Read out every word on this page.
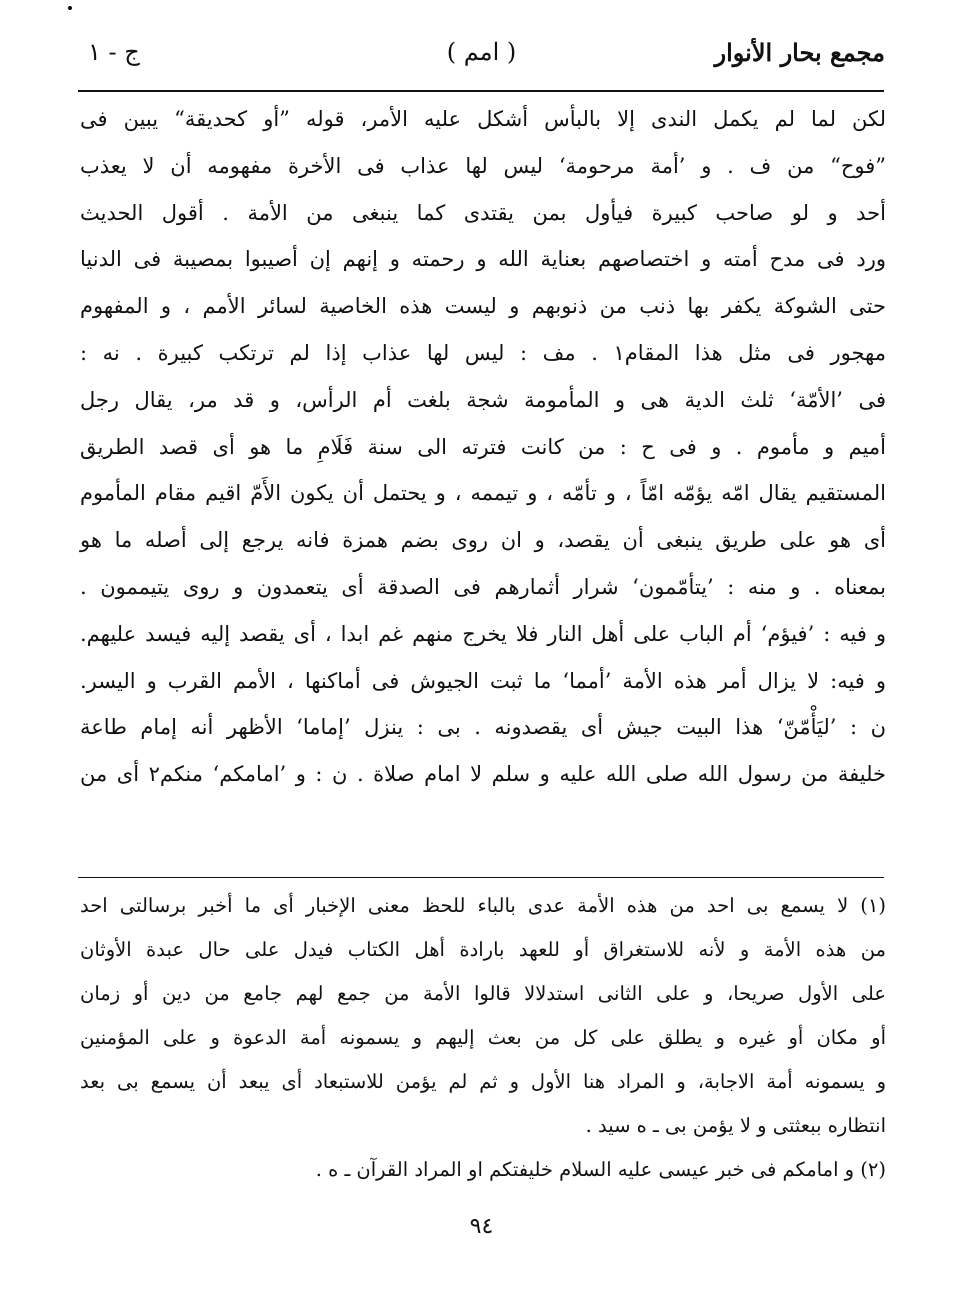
مجمع بحار الأنوار
( امم )
ج - ١
لكن لما لم يكمل الندى إلا بالبأس أشكل عليه الأمر، قوله ”أو كحديقة“ يبين فى
”فوح“ من ف . و ’أمة مرحومة‘ ليس لها عذاب فى الأخرة مفهومه أن لا يعذب
أحد و لو صاحب كبيرة فيأول بمن يقتدى كما ينبغى من الأمة . أقول الحديث
ورد فى مدح أمته و اختصاصهم بعناية الله و رحمته و إنهم إن أصيبوا بمصيبة فى الدنيا
حتى الشوكة يكفر بها ذنب من ذنوبهم و ليست هذه الخاصية لسائر الأمم ، و المفهوم
مهجور فى مثل هذا المقام١ . مف : ليس لها عذاب إذا لم ترتكب كبيرة . نه :
فى ’الأمّة‘ ثلث الدية هى و المأمومة شجة بلغت أم الرأس، و قد مر، يقال رجل
أميم و مأموم . و فى ح : من كانت فترته الى سنة فَلَامِ ما هو أى قصد الطريق
المستقيم يقال امّه يؤمّه امّاً ، و تأمّه ، و تيممه ، و يحتمل أن يكون الأَمّ اقيم مقام المأموم
أى هو على طريق ينبغى أن يقصد، و ان روى بضم همزة فانه يرجع إلى أصله ما هو
بمعناه . و منه : ’يتأمّمون‘ شرار أثمارهم فى الصدقة أى يتعمدون و روى يتيممون .
و فيه : ’فيؤم‘ أم الباب على أهل النار فلا يخرج منهم غم ابدا ، أى يقصد إليه فيسد عليهم.
و فيه: لا يزال أمر هذه الأمة ’أمما‘ ما ثبت الجيوش فى أماكنها ، الأمم القرب و اليسر.
ن : ’ليَأْمّنّ‘ هذا البيت جيش أى يقصدونه . بى : ينزل ’إماما‘ الأظهر أنه إمام طاعة
خليفة من رسول الله صلى الله عليه و سلم لا امام صلاة . ن : و ’امامكم‘ منكم٢ أى من
(١) لا يسمع بى احد من هذه الأمة عدى بالباء للحظ معنى الإخبار أى ما أخبر برسالتى احد
من هذه الأمة و لأنه للاستغراق أو للعهد بارادة أهل الكتاب فيدل على حال عبدة الأوثان
على الأول صريحا، و على الثانى استدلالا قالوا الأمة من جمع لهم جامع من دين أو زمان
أو مكان أو غيره و يطلق على كل من بعث إليهم و يسمونه أمة الدعوة و على المؤمنين
و يسمونه أمة الاجابة، و المراد هنا الأول و ثم لم يؤمن للاستبعاد أى يبعد أن يسمع بى بعد
انتظاره ببعثتى و لا يؤمن بى ـ ه سيد .
(٢) و امامكم فى خبر عيسى عليه السلام خليفتكم او المراد القرآن ـ ه .
٩٤
